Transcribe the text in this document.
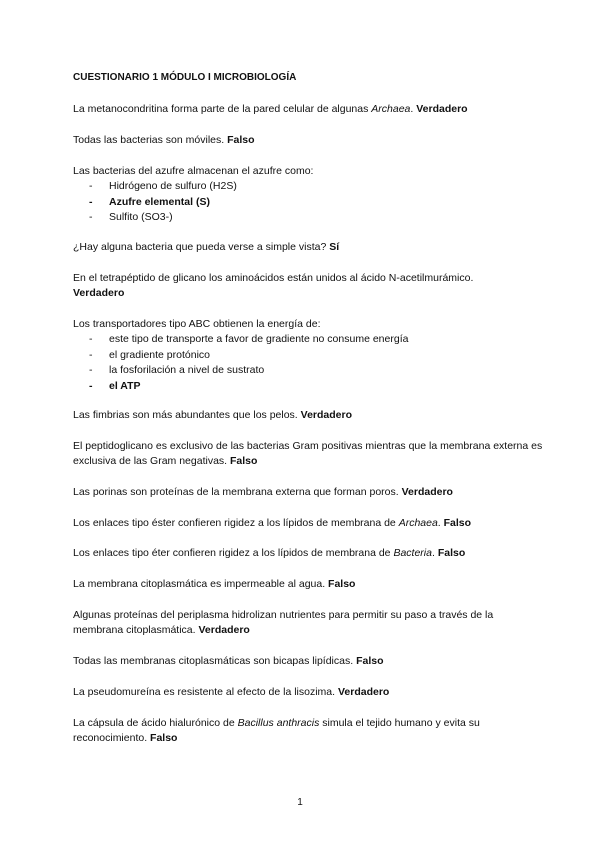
CUESTIONARIO 1 MÓDULO I MICROBIOLOGÍA
La metanocondritina forma parte de la pared celular de algunas Archaea. Verdadero
Todas las bacterias son móviles. Falso
Las bacterias del azufre almacenan el azufre como:
- Hidrógeno de sulfuro (H2S)
- Azufre elemental (S)
- Sulfito (SO3-)
¿Hay alguna bacteria que pueda verse a simple vista? Sí
En el tetrapéptido de glicano los aminoácidos están unidos al ácido N-acetilmurámico.
Verdadero
Los transportadores tipo ABC obtienen la energía de:
- este tipo de transporte a favor de gradiente no consume energía
- el gradiente protónico
- la fosforilación a nivel de sustrato
- el ATP
Las fimbrias son más abundantes que los pelos. Verdadero
El peptidoglicano es exclusivo de las bacterias Gram positivas mientras que la membrana externa es exclusiva de las Gram negativas. Falso
Las porinas son proteínas de la membrana externa que forman poros. Verdadero
Los enlaces tipo éster confieren rigidez a los lípidos de membrana de Archaea. Falso
Los enlaces tipo éter confieren rigidez a los lípidos de membrana de Bacteria. Falso
La membrana citoplasmática es impermeable al agua. Falso
Algunas proteínas del periplasma hidrolizan nutrientes para permitir su paso a través de la membrana citoplasmática. Verdadero
Todas las membranas citoplasmáticas son bicapas lipídicas. Falso
La pseudomureína es resistente al efecto de la lisozima. Verdadero
La cápsula de ácido hialurónico de Bacillus anthracis simula el tejido humano y evita su reconocimiento. Falso
1
